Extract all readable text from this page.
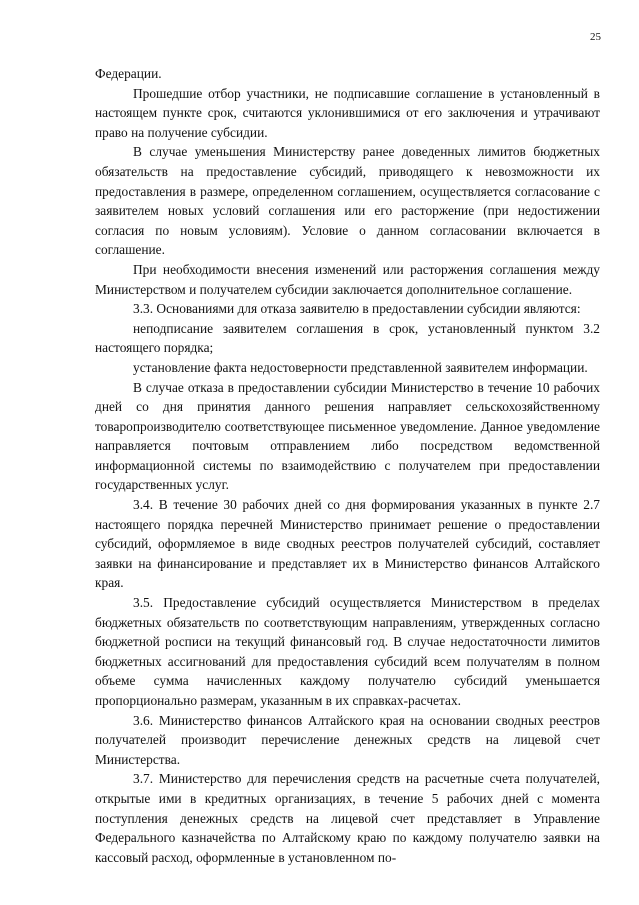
25

Федерации.

Прошедшие отбор участники, не подписавшие соглашение в установленный в настоящем пункте срок, считаются уклонившимися от его заключения и утрачивают право на получение субсидии.

В случае уменьшения Министерству ранее доведенных лимитов бюджетных обязательств на предоставление субсидий, приводящего к невозможности их предоставления в размере, определенном соглашением, осуществляется согласование с заявителем новых условий соглашения или его расторжение (при недостижении согласия по новым условиям). Условие о данном согласовании включается в соглашение.

При необходимости внесения изменений или расторжения соглашения между Министерством и получателем субсидии заключается дополнительное соглашение.

3.3. Основаниями для отказа заявителю в предоставлении субсидии являются:

неподписание заявителем соглашения в срок, установленный пунктом 3.2 настоящего порядка;

установление факта недостоверности представленной заявителем информации.

В случае отказа в предоставлении субсидии Министерство в течение 10 рабочих дней со дня принятия данного решения направляет сельскохозяйственному товаропроизводителю соответствующее письменное уведомление. Данное уведомление направляется почтовым отправлением либо посредством ведомственной информационной системы по взаимодействию с получателем при предоставлении государственных услуг.

3.4. В течение 30 рабочих дней со дня формирования указанных в пункте 2.7 настоящего порядка перечней Министерство принимает решение о предоставлении субсидий, оформляемое в виде сводных реестров получателей субсидий, составляет заявки на финансирование и представляет их в Министерство финансов Алтайского края.

3.5. Предоставление субсидий осуществляется Министерством в пределах бюджетных обязательств по соответствующим направлениям, утвержденных согласно бюджетной росписи на текущий финансовый год. В случае недостаточности лимитов бюджетных ассигнований для предоставления субсидий всем получателям в полном объеме сумма начисленных каждому получателю субсидий уменьшается пропорционально размерам, указанным в их справках-расчетах.

3.6. Министерство финансов Алтайского края на основании сводных реестров получателей производит перечисление денежных средств на лицевой счет Министерства.

3.7. Министерство для перечисления средств на расчетные счета получателей, открытые ими в кредитных организациях, в течение 5 рабочих дней с момента поступления денежных средств на лицевой счет представляет в Управление Федерального казначейства по Алтайскому краю по каждому получателю заявки на кассовый расход, оформленные в установленном по-
